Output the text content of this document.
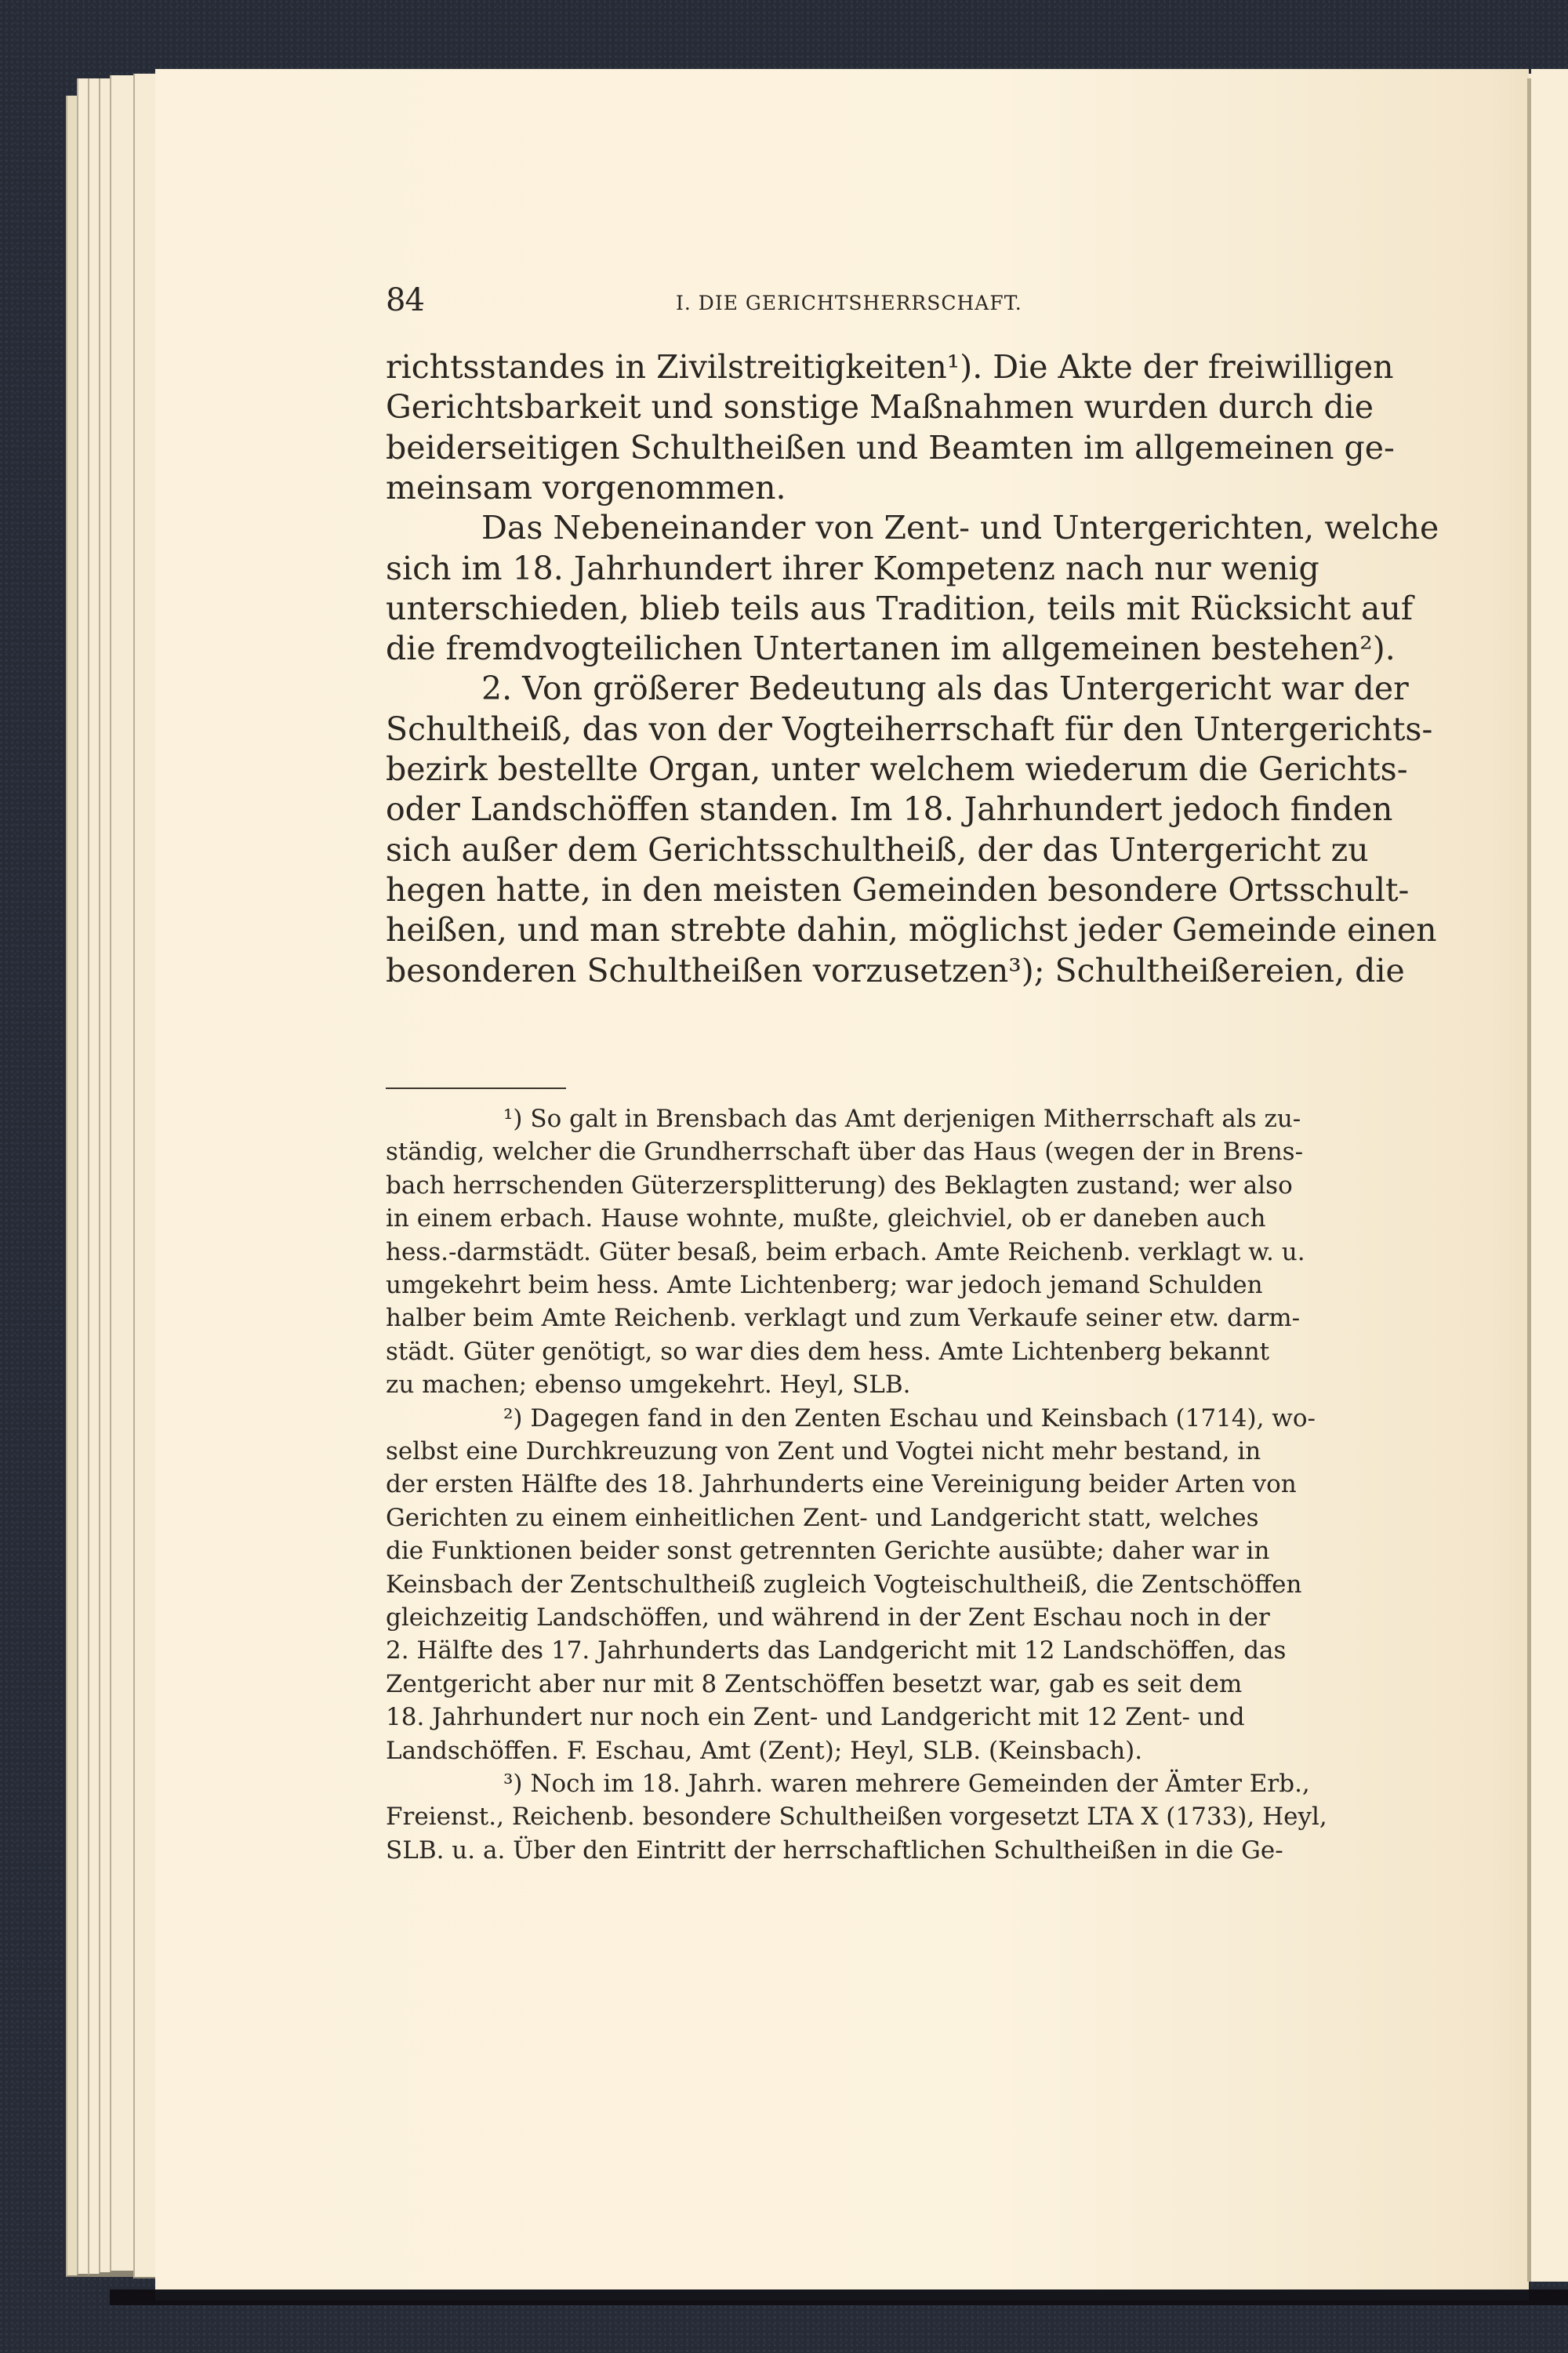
84	I. DIE GERICHTSHERRSCHAFT.
richtsstandes in Zivilstreitigkeiten¹). Die Akte der freiwilligen
Gerichtsbarkeit und sonstige Maßnahmen wurden durch die
beiderseitigen Schultheißen und Beamten im allgemeinen ge-
meinsam vorgenommen.
Das Nebeneinander von Zent- und Untergerichten, welche
sich im 18. Jahrhundert ihrer Kompetenz nach nur wenig
unterschieden, blieb teils aus Tradition, teils mit Rücksicht auf
die fremdvogteilichen Untertanen im allgemeinen bestehen²).
2. Von größerer Bedeutung als das Untergericht war der
Schultheiß, das von der Vogteiherrschaft für den Untergerichts-
bezirk bestellte Organ, unter welchem wiederum die Gerichts-
oder Landschöffen standen. Im 18. Jahrhundert jedoch finden
sich außer dem Gerichtsschultheiß, der das Untergericht zu
hegen hatte, in den meisten Gemeinden besondere Ortsschult-
heißen, und man strebte dahin, möglichst jeder Gemeinde einen
besonderen Schultheißen vorzusetzen³); Schultheißereien, die
¹) So galt in Brensbach das Amt derjenigen Mitherrschaft als zu-
ständig, welcher die Grundherrschaft über das Haus (wegen der in Brens-
bach herrschenden Güterzersplitterung) des Beklagten zustand; wer also
in einem erbach. Hause wohnte, mußte, gleichviel, ob er daneben auch
hess.-darmstädt. Güter besaß, beim erbach. Amte Reichenb. verklagt w. u.
umgekehrt beim hess. Amte Lichtenberg; war jedoch jemand Schulden
halber beim Amte Reichenb. verklagt und zum Verkaufe seiner etw. darm-
städt. Güter genötigt, so war dies dem hess. Amte Lichtenberg bekannt
zu machen; ebenso umgekehrt. Heyl, SLB.
²) Dagegen fand in den Zenten Eschau und Keinsbach (1714), wo-
selbst eine Durchkreuzung von Zent und Vogtei nicht mehr bestand, in
der ersten Hälfte des 18. Jahrhunderts eine Vereinigung beider Arten von
Gerichten zu einem einheitlichen Zent- und Landgericht statt, welches
die Funktionen beider sonst getrennten Gerichte ausübte; daher war in
Keinsbach der Zentschultheiß zugleich Vogteischultheiß, die Zentschöffen
gleichzeitig Landschöffen, und während in der Zent Eschau noch in der
2. Hälfte des 17. Jahrhunderts das Landgericht mit 12 Landschöffen, das
Zentgericht aber nur mit 8 Zentschöffen besetzt war, gab es seit dem
18. Jahrhundert nur noch ein Zent- und Landgericht mit 12 Zent- und
Landschöffen. F. Eschau, Amt (Zent); Heyl, SLB. (Keinsbach).
³) Noch im 18. Jahrh. waren mehrere Gemeinden der Ämter Erb.,
Freienst., Reichenb. besondere Schultheißen vorgesetzt LTA X (1733), Heyl,
SLB. u. a. Über den Eintritt der herrschaftlichen Schultheißen in die Ge-
